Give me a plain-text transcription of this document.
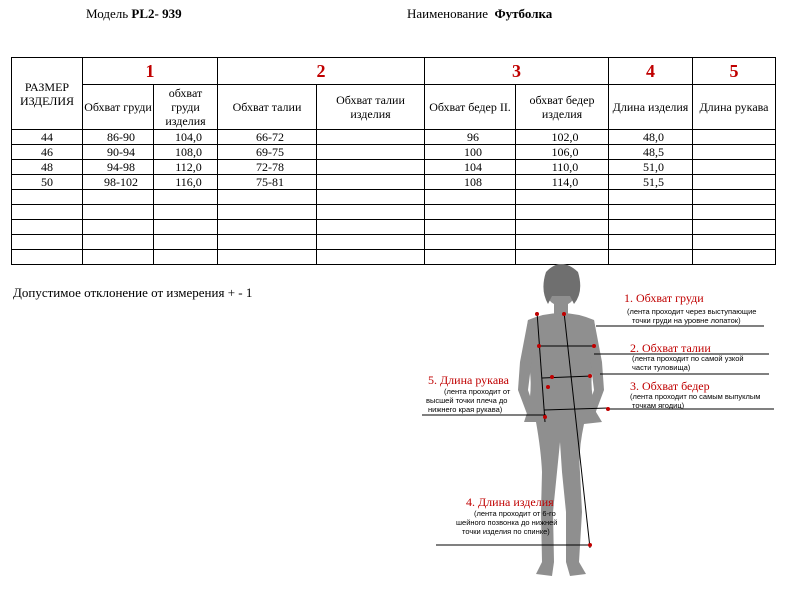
Модель PL2- 939	Наименование Футболка
РАЗМЕР ИЗДЕЛИЯ	1		2		3		4	5
	Обхват груди	обхват груди изделия	Обхват талии	Обхват талии изделия	Обхват бедер II.	обхват бедер изделия	Длина изделия	Длина рукава
44	86-90	104,0	66-72		96	102,0	48,0	
46	90-94	108,0	69-75		100	106,0	48,5	
48	94-98	112,0	72-78		104	110,0	51,0	
50	98-102	116,0	75-81		108	114,0	51,5	

Допустимое отклонение от измерения + - 1	1. Обхват груди
(лента проходит через выступающие
точки груди на уровне лопаток)
2. Обхват талии
(лента проходит по самой узкой
части туловища)
3. Обхват бедер
(лента проходит по самым выпуклым
точкам ягодиц)
4. Длина изделия
(лента проходит от 6-го
шейного позвонка до нижней
точки изделия по спинке)
5. Длина рукава
(лента проходит от
высшей точки плеча до
нижнего края рукава)
